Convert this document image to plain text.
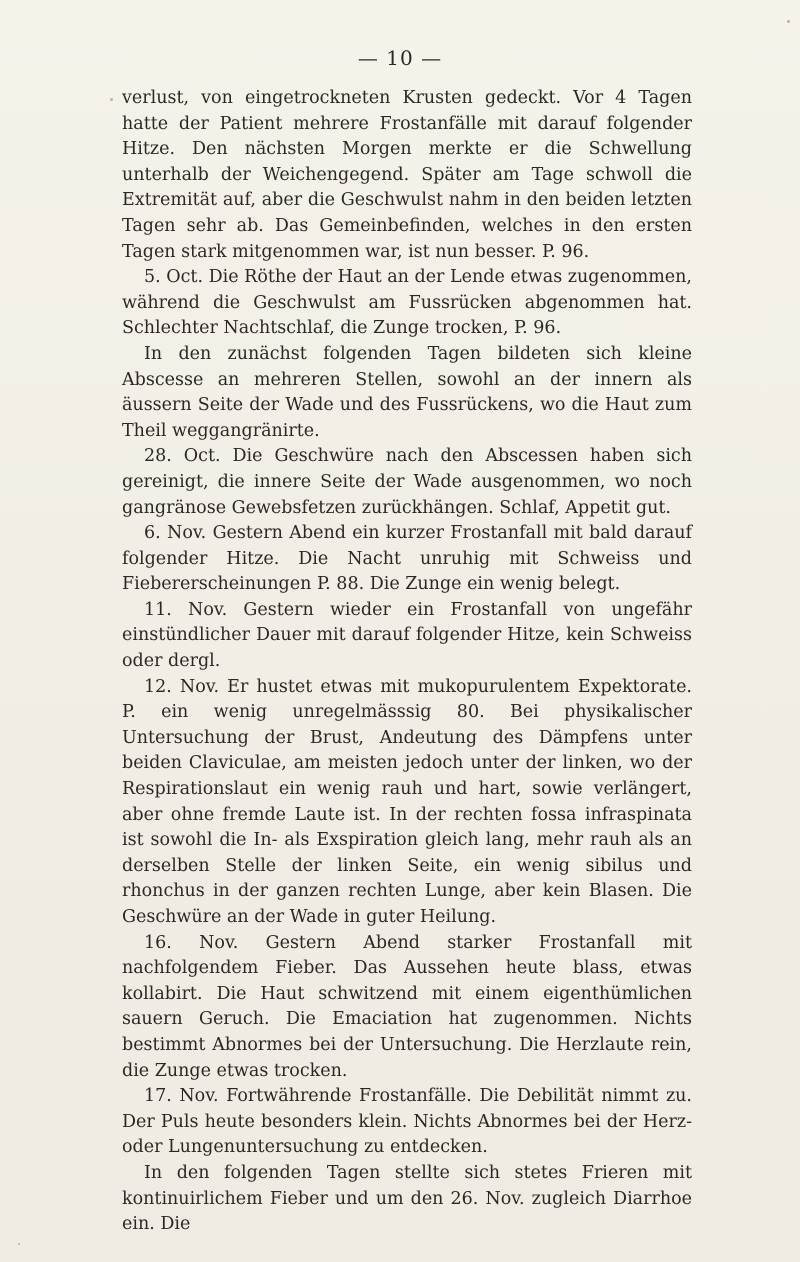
— 10 —

verlust, von eingetrockneten Krusten gedeckt. Vor 4 Tagen hatte der Patient mehrere Frostanfälle mit darauf folgender Hitze. Den nächsten Morgen merkte er die Schwellung unterhalb der Weichengegend. Später am Tage schwoll die Extremität auf, aber die Geschwulst nahm in den beiden letzten Tagen sehr ab. Das Gemeinbefinden, welches in den ersten Tagen stark mitgenommen war, ist nun besser. P. 96.

5. Oct. Die Röthe der Haut an der Lende etwas zugenommen, während die Geschwulst am Fussrücken abgenommen hat. Schlechter Nachtschlaf, die Zunge trocken, P. 96.

In den zunächst folgenden Tagen bildeten sich kleine Abscesse an mehreren Stellen, sowohl an der innern als äussern Seite der Wade und des Fussrückens, wo die Haut zum Theil weggangränirte.

28. Oct. Die Geschwüre nach den Abscessen haben sich gereinigt, die innere Seite der Wade ausgenommen, wo noch gangränose Gewebsfetzen zurückhängen. Schlaf, Appetit gut.

6. Nov. Gestern Abend ein kurzer Frostanfall mit bald darauf folgender Hitze. Die Nacht unruhig mit Schweiss und Fiebererscheinungen P. 88. Die Zunge ein wenig belegt.

11. Nov. Gestern wieder ein Frostanfall von ungefähr einstündlicher Dauer mit darauf folgender Hitze, kein Schweiss oder dergl.

12. Nov. Er hustet etwas mit mukopurulentem Expektorate. P. ein wenig unregelmässsig 80. Bei physikalischer Untersuchung der Brust, Andeutung des Dämpfens unter beiden Claviculae, am meisten jedoch unter der linken, wo der Respirationslaut ein wenig rauh und hart, sowie verlängert, aber ohne fremde Laute ist. In der rechten fossa infraspinata ist sowohl die In- als Exspiration gleich lang, mehr rauh als an derselben Stelle der linken Seite, ein wenig sibilus und rhonchus in der ganzen rechten Lunge, aber kein Blasen. Die Geschwüre an der Wade in guter Heilung.

16. Nov. Gestern Abend starker Frostanfall mit nachfolgendem Fieber. Das Aussehen heute blass, etwas kollabirt. Die Haut schwitzend mit einem eigenthümlichen sauern Geruch. Die Emaciation hat zugenommen. Nichts bestimmt Abnormes bei der Untersuchung. Die Herzlaute rein, die Zunge etwas trocken.

17. Nov. Fortwährende Frostanfälle. Die Debilität nimmt zu. Der Puls heute besonders klein. Nichts Abnormes bei der Herz- oder Lungenuntersuchung zu entdecken.

In den folgenden Tagen stellte sich stetes Frieren mit kontinuirlichem Fieber und um den 26. Nov. zugleich Diarrhoe ein. Die
